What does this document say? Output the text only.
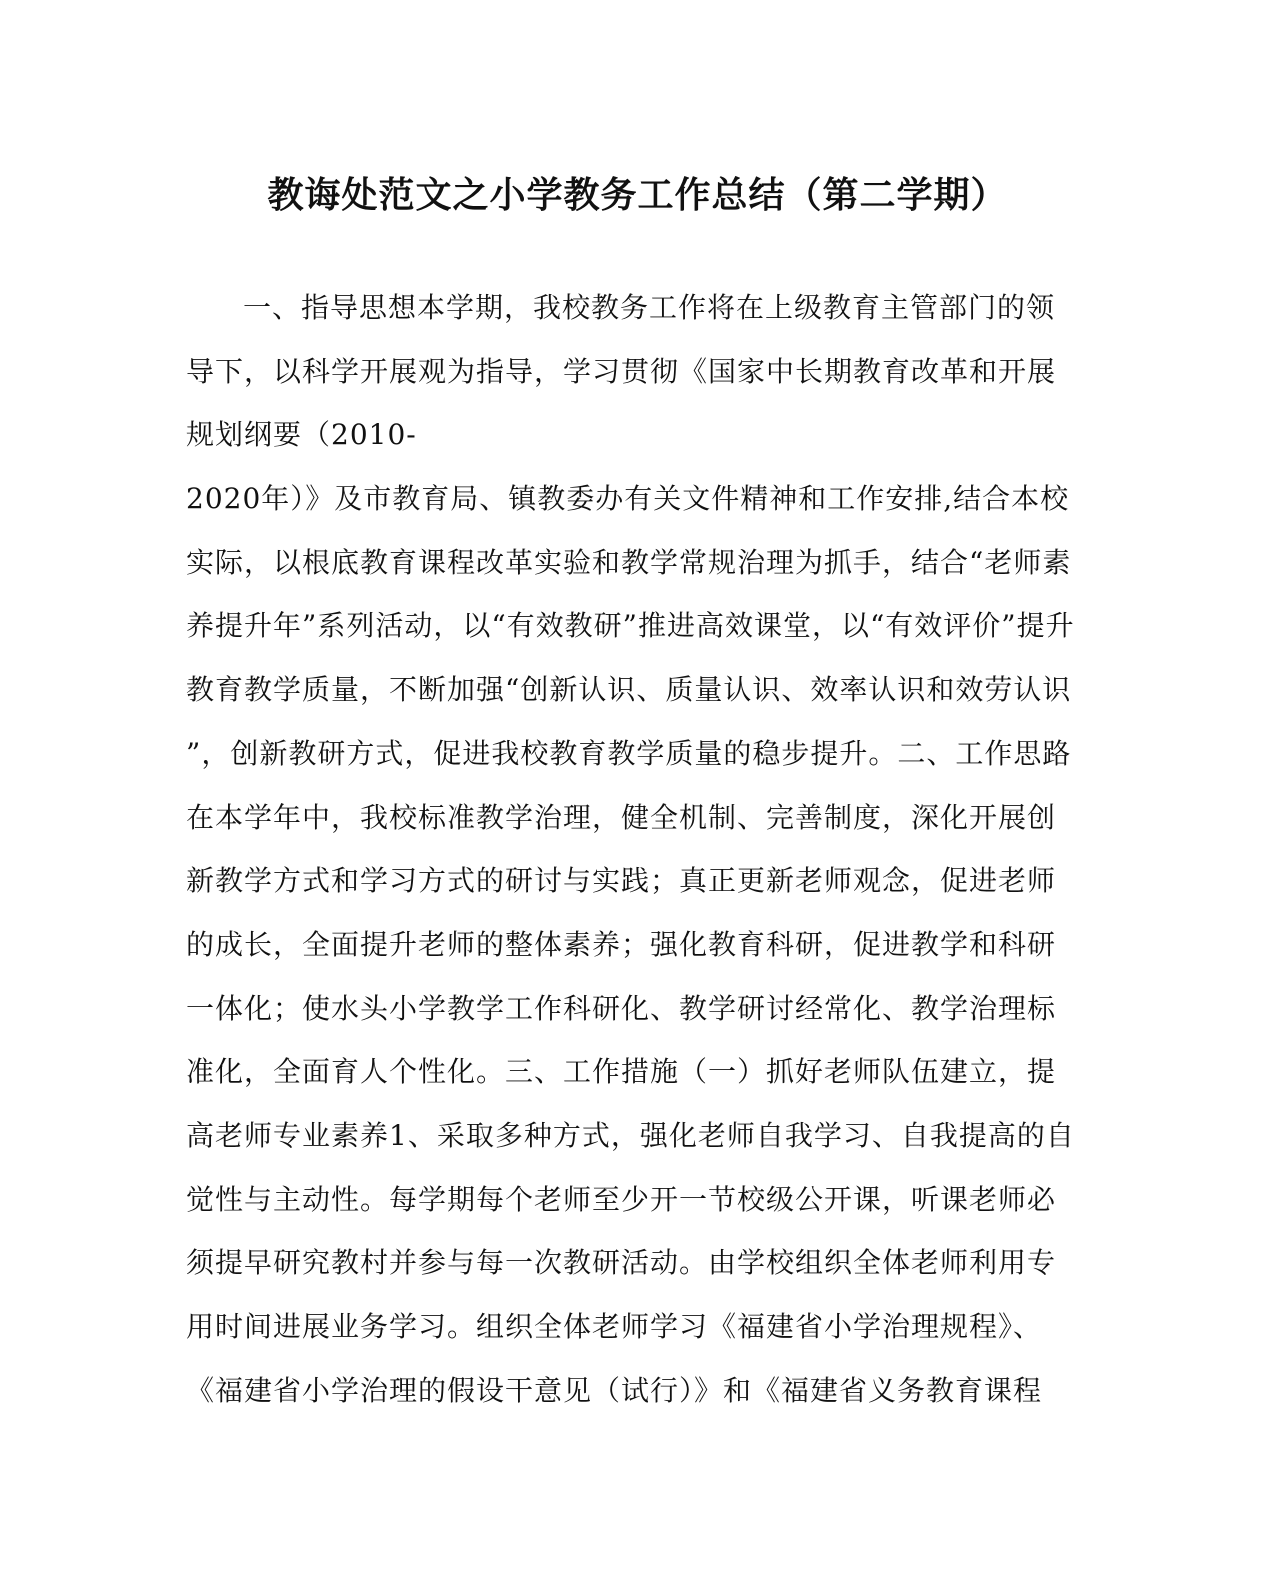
教诲处范文之小学教务工作总结（第二学期）
一、指导思想本学期，我校教务工作将在上级教育主管部门的领
导下，以科学开展观为指导，学习贯彻《国家中长期教育改革和开展
规划纲要（2010-
2020年）》及市教育局、镇教委办有关文件精神和工作安排,结合本校
实际，以根底教育课程改革实验和教学常规治理为抓手，结合“老师素
养提升年”系列活动，以“有效教研”推进高效课堂，以“有效评价”提升
教育教学质量，不断加强“创新认识、质量认识、效率认识和效劳认识
”，创新教研方式，促进我校教育教学质量的稳步提升。二、工作思路
在本学年中，我校标准教学治理，健全机制、完善制度，深化开展创
新教学方式和学习方式的研讨与实践；真正更新老师观念，促进老师
的成长，全面提升老师的整体素养；强化教育科研，促进教学和科研
一体化；使水头小学教学工作科研化、教学研讨经常化、教学治理标
准化，全面育人个性化。三、工作措施（一）抓好老师队伍建立，提
高老师专业素养1、采取多种方式，强化老师自我学习、自我提高的自
觉性与主动性。每学期每个老师至少开一节校级公开课，听课老师必
须提早研究教村并参与每一次教研活动。由学校组织全体老师利用专
用时间进展业务学习。组织全体老师学习《福建省小学治理规程》、
《福建省小学治理的假设干意见（试行）》和《福建省义务教育课程
